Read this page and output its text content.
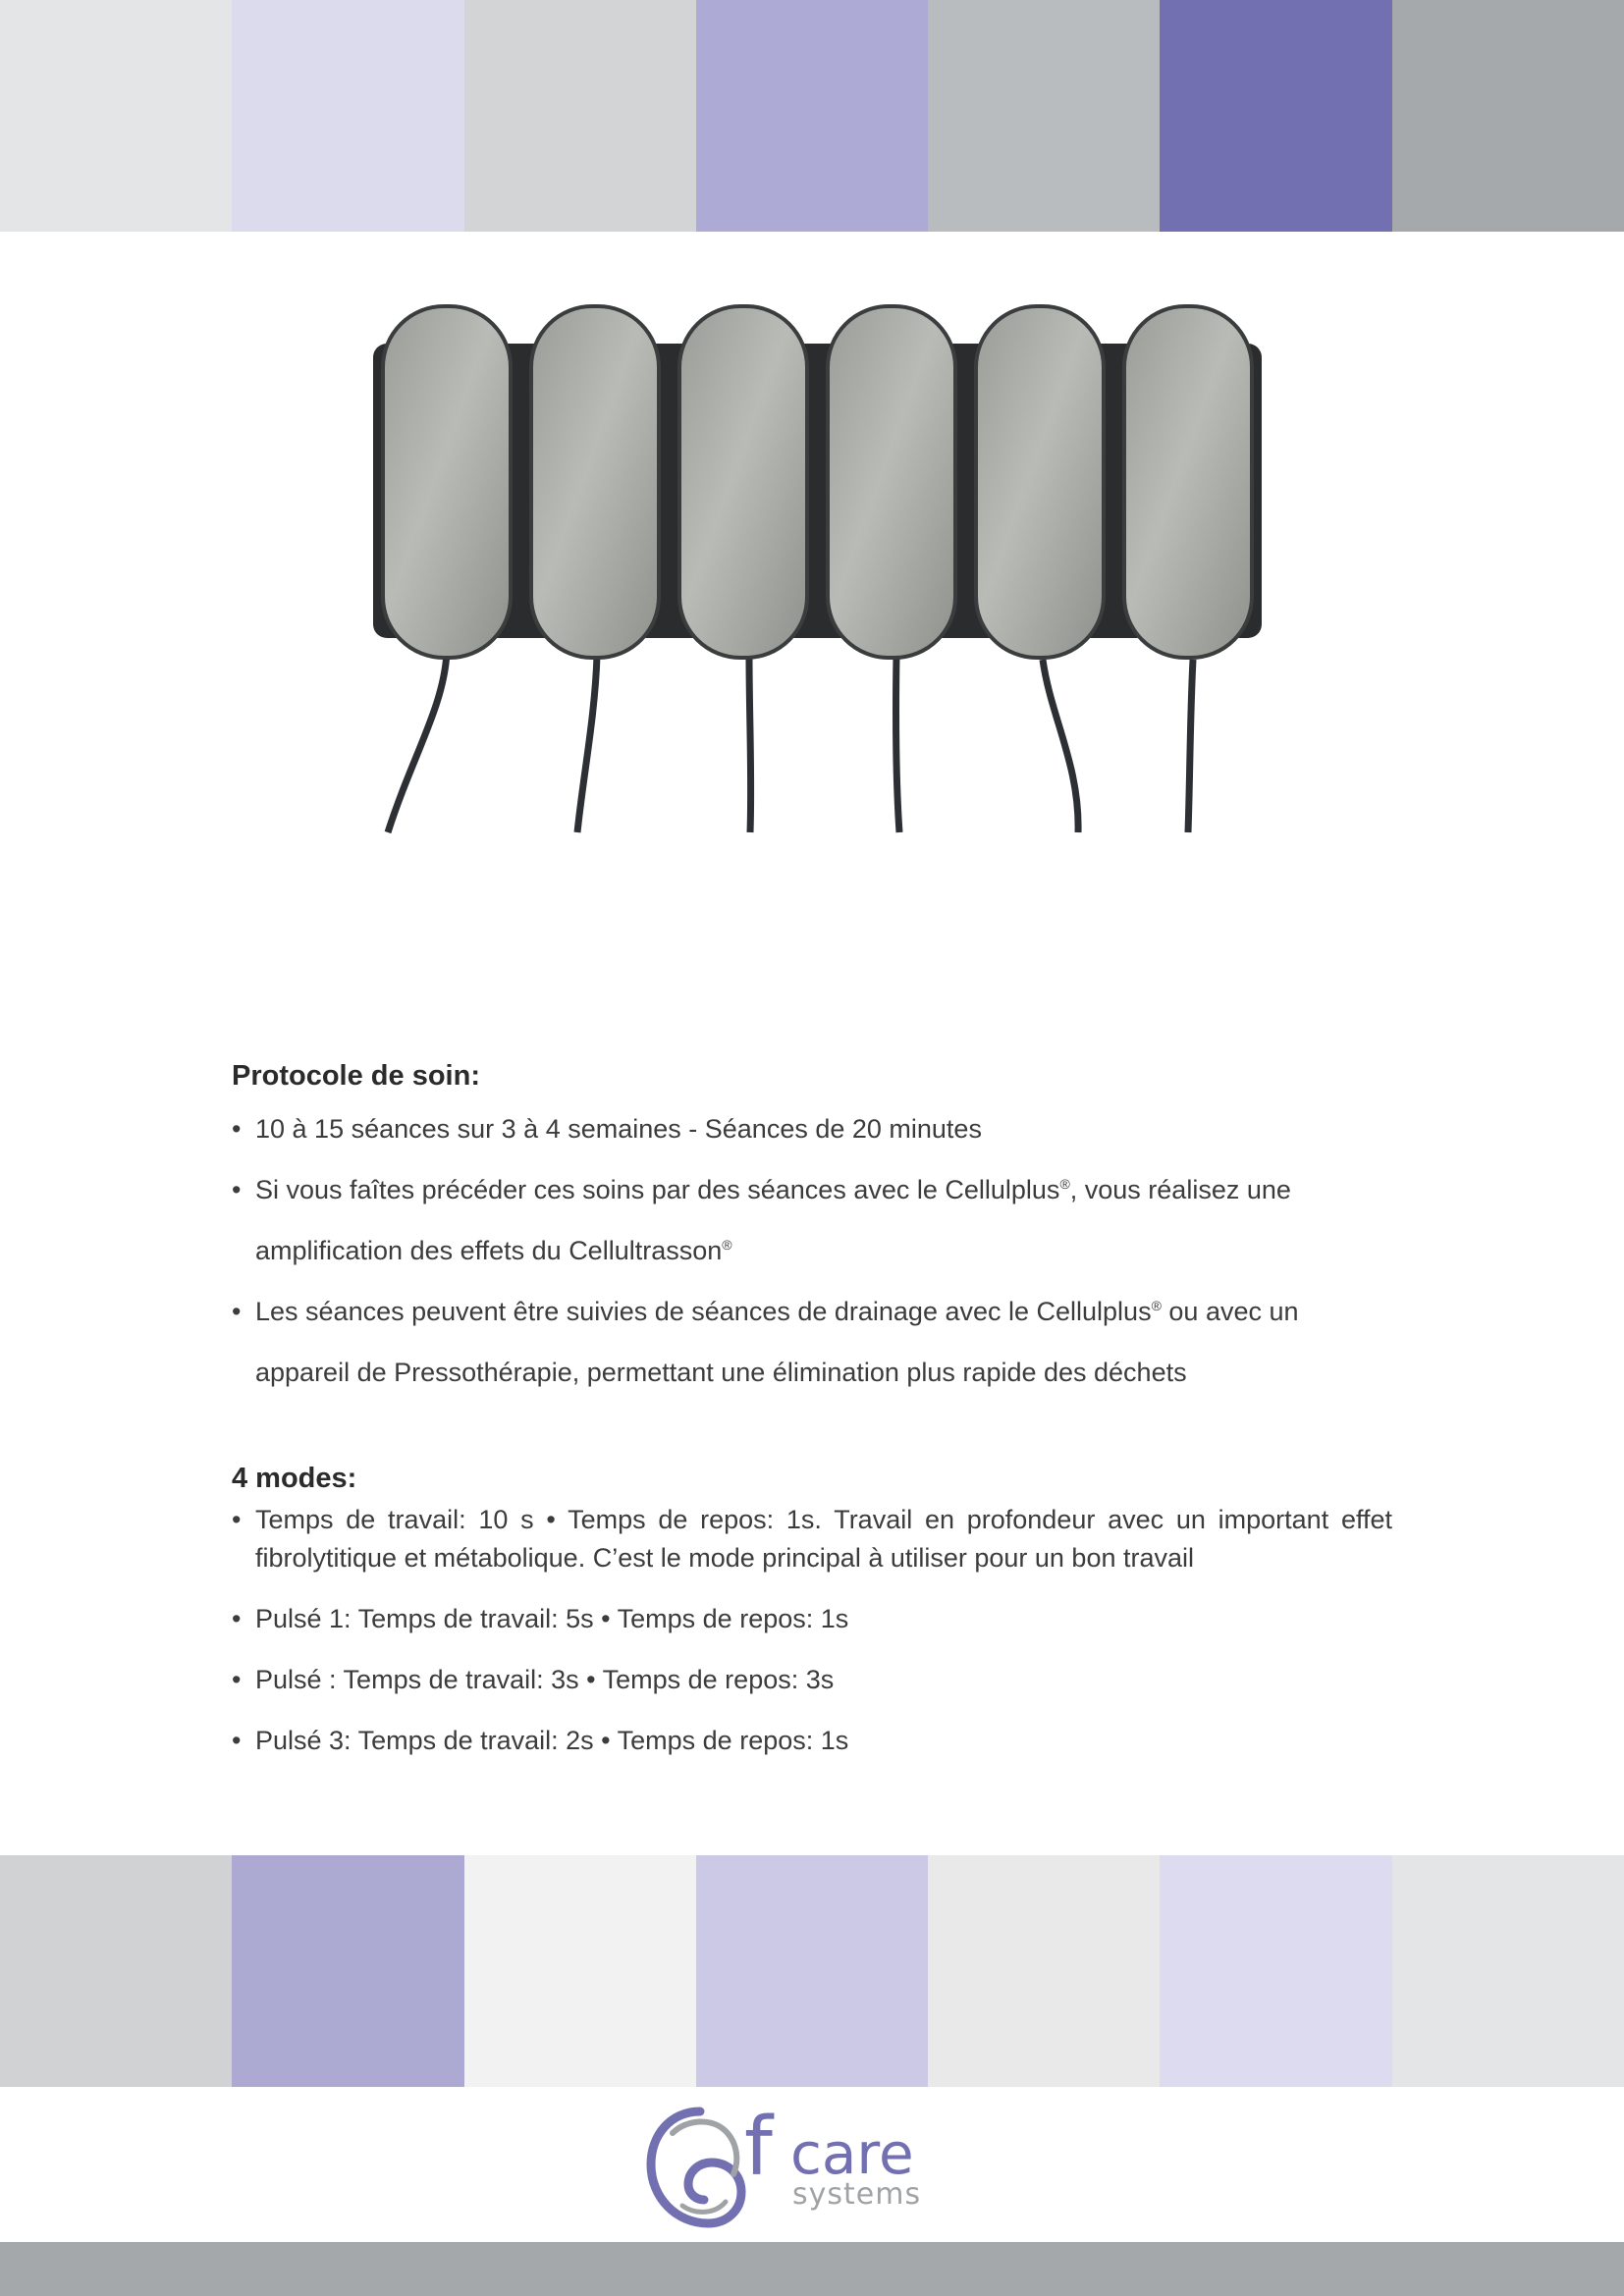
Protocole de soin:
• 10 à 15 séances sur 3 à 4 semaines - Séances de 20 minutes
• Si vous faîtes précéder ces soins par des séances avec le Cellulplus®, vous réalisez une
amplification des effets du Cellultrasson®
• Les séances peuvent être suivies de séances de drainage avec le Cellulplus® ou avec un
appareil de Pressothérapie, permettant une élimination plus rapide des déchets
4 modes:
• Temps de travail: 10 s • Temps de repos: 1s. Travail en profondeur avec un important effet fibrolytitique et métabolique. C’est le mode principal à utiliser pour un bon travail
• Pulsé 1: Temps de travail: 5s • Temps de repos: 1s
• Pulsé : Temps de travail: 3s • Temps de repos: 3s
• Pulsé 3: Temps de travail: 2s • Temps de repos: 1s
f care
systems
